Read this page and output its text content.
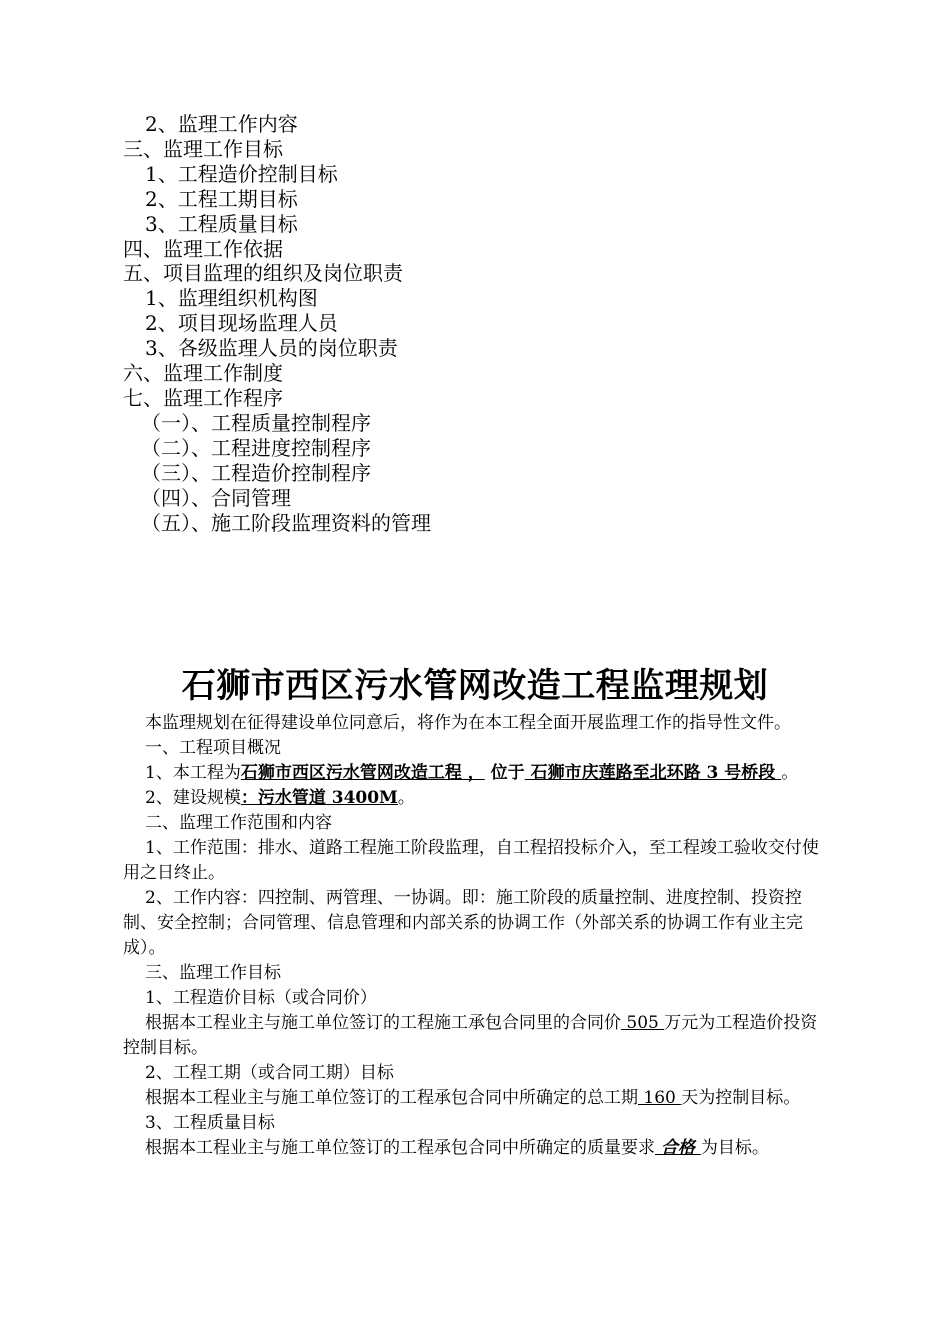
2、监理工作内容
三、监理工作目标
1、工程造价控制目标
2、工程工期目标
3、工程质量目标
四、监理工作依据
五、项目监理的组织及岗位职责
1、监理组织机构图
2、项目现场监理人员
3、各级监理人员的岗位职责
六、监理工作制度
七、监理工作程序
（一）、工程质量控制程序
（二）、工程进度控制程序
（三）、工程造价控制程序
（四）、合同管理
（五）、施工阶段监理资料的管理
石狮市西区污水管网改造工程监理规划

本监理规划在征得建设单位同意后，将作为在本工程全面开展监理工作的指导性文件。

一、工程项目概况

1、本工程为石狮市西区污水管网改造工程 ， 位于 石狮市庆莲路至北环路 3 号桥段 。

2、建设规模：污水管道 3400M。

二、监理工作范围和内容

1、工作范围：排水、道路工程施工阶段监理，自工程招投标介入，至工程竣工验收交付使用之日终止。

2、工作内容：四控制、两管理、一协调。即：施工阶段的质量控制、进度控制、投资控制、安全控制；合同管理、信息管理和内部关系的协调工作（外部关系的协调工作有业主完成）。

三、监理工作目标

1、工程造价目标（或合同价）

根据本工程业主与施工单位签订的工程施工承包合同里的合同价 505 万元为工程造价投资控制目标。

2、工程工期（或合同工期）目标

根据本工程业主与施工单位签订的工程承包合同中所确定的总工期 160 天为控制目标。

3、工程质量目标

根据本工程业主与施工单位签订的工程承包合同中所确定的质量要求 合格 为目标。
